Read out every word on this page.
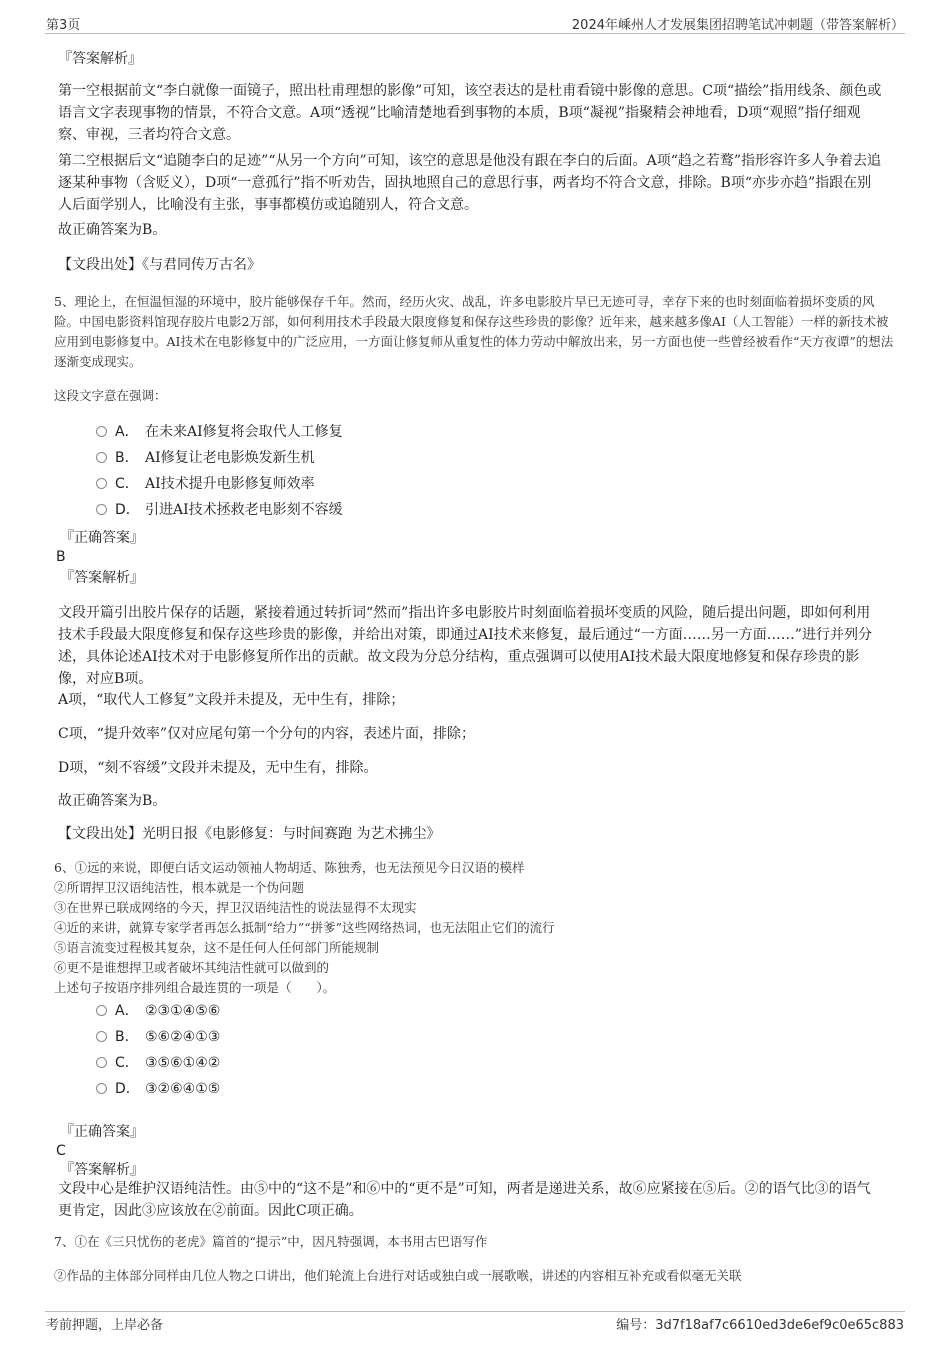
第3页	2024年嵊州人才发展集团招聘笔试冲刺题（带答案解析）
『答案解析』
第一空根据前文“李白就像一面镜子，照出杜甫理想的影像”可知，该空表达的是杜甫看镜中影像的意思。C项“描绘”指用线条、颜色或语言文字表现事物的情景，不符合文意。A项“透视”比喻清楚地看到事物的本质，B项“凝视”指聚精会神地看，D项“观照”指仔细观察、审视，三者均符合文意。
第二空根据后文“追随李白的足迹”“从另一个方向”可知，该空的意思是他没有跟在李白的后面。A项“趋之若鹜”指形容许多人争着去追逐某种事物（含贬义），D项“一意孤行”指不听劝告，固执地照自己的意思行事，两者均不符合文意，排除。B项“亦步亦趋”指跟在别人后面学别人，比喻没有主张，事事都模仿或追随别人，符合文意。
故正确答案为B。
【文段出处】《与君同传万古名》
5、理论上，在恒温恒湿的环境中，胶片能够保存千年。然而，经历火灾、战乱，许多电影胶片早已无迹可寻，幸存下来的也时刻面临着损坏变质的风险。中国电影资料馆现存胶片电影2万部，如何利用技术手段最大限度修复和保存这些珍贵的影像？近年来，越来越多像AI（人工智能）一样的新技术被应用到电影修复中。AI技术在电影修复中的广泛应用，一方面让修复师从重复性的体力劳动中解放出来，另一方面也使一些曾经被看作“天方夜谭”的想法逐渐变成现实。
这段文字意在强调：
A． 在未来AI修复将会取代人工修复
B． AI修复让老电影焕发新生机
C． AI技术提升电影修复师效率
D． 引进AI技术拯救老电影刻不容缓
『正确答案』
B
『答案解析』
文段开篇引出胶片保存的话题，紧接着通过转折词“然而”指出许多电影胶片时刻面临着损坏变质的风险，随后提出问题，即如何利用技术手段最大限度修复和保存这些珍贵的影像，并给出对策，即通过AI技术来修复，最后通过“一方面……另一方面……”进行并列分述，具体论述AI技术对于电影修复所作出的贡献。故文段为分总分结构，重点强调可以使用AI技术最大限度地修复和保存珍贵的影像，对应B项。
A项，“取代人工修复”文段并未提及，无中生有，排除；
C项，“提升效率”仅对应尾句第一个分句的内容，表述片面，排除；
D项，“刻不容缓”文段并未提及，无中生有，排除。
故正确答案为B。
【文段出处】光明日报《电影修复：与时间赛跑 为艺术拂尘》
6、①远的来说，即便白话文运动领袖人物胡适、陈独秀，也无法预见今日汉语的模样
②所谓捍卫汉语纯洁性，根本就是一个伪问题
③在世界已联成网络的今天，捍卫汉语纯洁性的说法显得不太现实
④近的来讲，就算专家学者再怎么抵制“给力”“拼爹”这些网络热词，也无法阻止它们的流行
⑤语言流变过程极其复杂，这不是任何人任何部门所能规制
⑥更不是谁想捍卫或者破坏其纯洁性就可以做到的
上述句子按语序排列组合最连贯的一项是（　　）。
A． ②③①④⑤⑥
B． ⑤⑥②④①③
C． ③⑤⑥①④②
D． ③②⑥④①⑤
『正确答案』
C
『答案解析』
文段中心是维护汉语纯洁性。由⑤中的“这不是”和⑥中的“更不是”可知，两者是递进关系，故⑥应紧接在⑤后。②的语气比③的语气更肯定，因此③应该放在②前面。因此C项正确。
7、①在《三只忧伤的老虎》篇首的“提示”中，因凡特强调，本书用古巴语写作
②作品的主体部分同样由几位人物之口讲出，他们轮流上台进行对话或独白或一展歌喉，讲述的内容相互补充或看似毫无关联
考前押题，上岸必备	编号：3d7f18af7c6610ed3de6ef9c0e65c883
